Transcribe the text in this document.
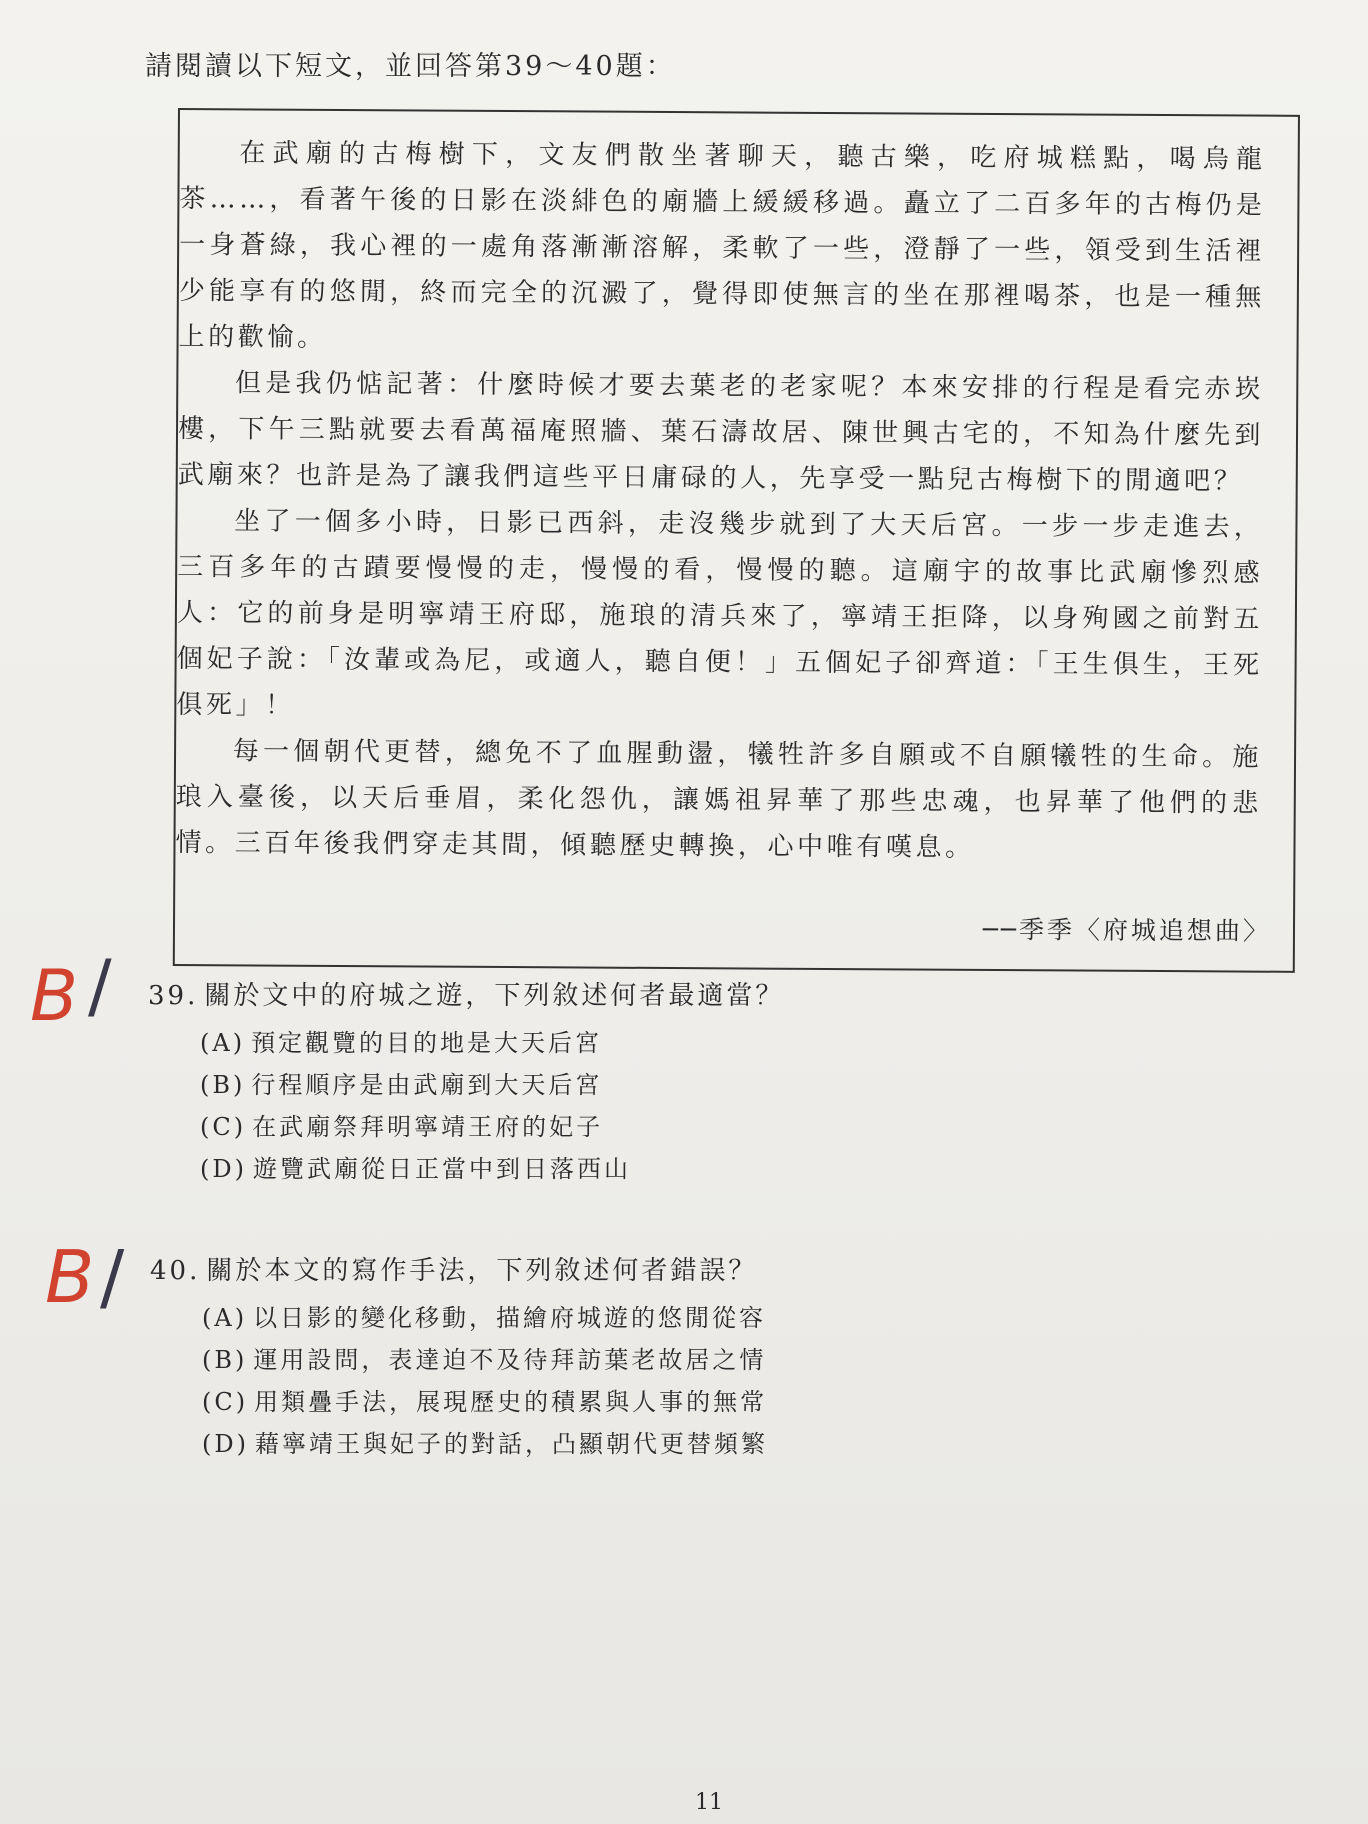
請閱讀以下短文，並回答第39～40題：

在武廟的古梅樹下，文友們散坐著聊天，聽古樂，吃府城糕點，喝烏龍茶……，看著午後的日影在淡緋色的廟牆上緩緩移過。矗立了二百多年的古梅仍是一身蒼綠，我心裡的一處角落漸漸溶解，柔軟了一些，澄靜了一些，領受到生活裡少能享有的悠閒，終而完全的沉澱了，覺得即使無言的坐在那裡喝茶，也是一種無上的歡愉。

但是我仍惦記著：什麼時候才要去葉老的老家呢？本來安排的行程是看完赤崁樓，下午三點就要去看萬福庵照牆、葉石濤故居、陳世興古宅的，不知為什麼先到武廟來？也許是為了讓我們這些平日庸碌的人，先享受一點兒古梅樹下的閒適吧？

坐了一個多小時，日影已西斜，走沒幾步就到了大天后宮。一步一步走進去，三百多年的古蹟要慢慢的走，慢慢的看，慢慢的聽。這廟宇的故事比武廟慘烈感人：它的前身是明寧靖王府邸，施琅的清兵來了，寧靖王拒降，以身殉國之前對五個妃子說：「汝輩或為尼，或適人，聽自便！」五個妃子卻齊道：「王生俱生，王死俱死」！

每一個朝代更替，總免不了血腥動盪，犧牲許多自願或不自願犧牲的生命。施琅入臺後，以天后垂眉，柔化怨仇，讓媽祖昇華了那些忠魂，也昇華了他們的悲情。三百年後我們穿走其間，傾聽歷史轉換，心中唯有嘆息。

──季季〈府城追想曲〉

39. 關於文中的府城之遊，下列敘述何者最適當？

(A) 預定觀覽的目的地是大天后宮
(B) 行程順序是由武廟到大天后宮
(C) 在武廟祭拜明寧靖王府的妃子
(D) 遊覽武廟從日正當中到日落西山

40. 關於本文的寫作手法，下列敘述何者錯誤？

(A) 以日影的變化移動，描繪府城遊的悠閒從容
(B) 運用設問，表達迫不及待拜訪葉老故居之情
(C) 用類疊手法，展現歷史的積累與人事的無常
(D) 藉寧靖王與妃子的對話，凸顯朝代更替頻繁
B /
B /
11
